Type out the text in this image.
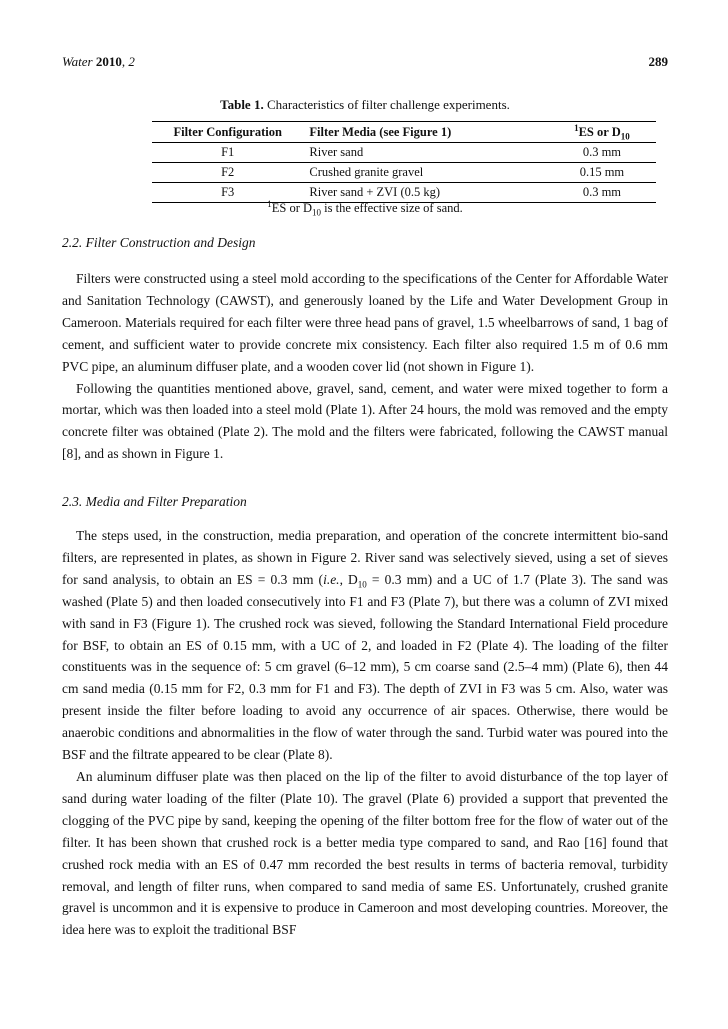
Water 2010, 2	289
Table 1. Characteristics of filter challenge experiments.
Filter Configuration	Filter Media (see Figure 1)	$^1$ES or $D_{10}$
F1	River sand	0.3 mm
F2	Crushed granite gravel	0.15 mm
F3	River sand + ZVI (0.5 kg)	0.3 mm
$^1$ES or $D_{10}$ is the effective size of sand.
2.2. Filter Construction and Design

Filters were constructed using a steel mold according to the specifications of the Center for Affordable Water and Sanitation Technology (CAWST), and generously loaned by the Life and Water Development Group in Cameroon. Materials required for each filter were three head pans of gravel, 1.5 wheelbarrows of sand, 1 bag of cement, and sufficient water to provide concrete mix consistency. Each filter also required 1.5 m of 0.6 mm PVC pipe, an aluminum diffuser plate, and a wooden cover lid (not shown in Figure 1).

Following the quantities mentioned above, gravel, sand, cement, and water were mixed together to form a mortar, which was then loaded into a steel mold (Plate 1). After 24 hours, the mold was removed and the empty concrete filter was obtained (Plate 2). The mold and the filters were fabricated, following the CAWST manual [8], and as shown in Figure 1.

2.3. Media and Filter Preparation

The steps used, in the construction, media preparation, and operation of the concrete intermittent bio-sand filters, are represented in plates, as shown in Figure 2. River sand was selectively sieved, using a set of sieves for sand analysis, to obtain an ES = 0.3 mm (i.e., $D_{10} = 0.3$ mm) and a UC of 1.7 (Plate 3). The sand was washed (Plate 5) and then loaded consecutively into F1 and F3 (Plate 7), but there was a column of ZVI mixed with sand in F3 (Figure 1). The crushed rock was sieved, following the Standard International Field procedure for BSF, to obtain an ES of 0.15 mm, with a UC of 2, and loaded in F2 (Plate 4). The loading of the filter constituents was in the sequence of: 5 cm gravel (6–12 mm), 5 cm coarse sand (2.5–4 mm) (Plate 6), then 44 cm sand media (0.15 mm for F2, 0.3 mm for F1 and F3). The depth of ZVI in F3 was 5 cm. Also, water was present inside the filter before loading to avoid any occurrence of air spaces. Otherwise, there would be anaerobic conditions and abnormalities in the flow of water through the sand. Turbid water was poured into the BSF and the filtrate appeared to be clear (Plate 8).

An aluminum diffuser plate was then placed on the lip of the filter to avoid disturbance of the top layer of sand during water loading of the filter (Plate 10). The gravel (Plate 6) provided a support that prevented the clogging of the PVC pipe by sand, keeping the opening of the filter bottom free for the flow of water out of the filter. It has been shown that crushed rock is a better media type compared to sand, and Rao [16] found that crushed rock media with an ES of 0.47 mm recorded the best results in terms of bacteria removal, turbidity removal, and length of filter runs, when compared to sand media of same ES. Unfortunately, crushed granite gravel is uncommon and it is expensive to produce in Cameroon and most developing countries. Moreover, the idea here was to exploit the traditional BSF
